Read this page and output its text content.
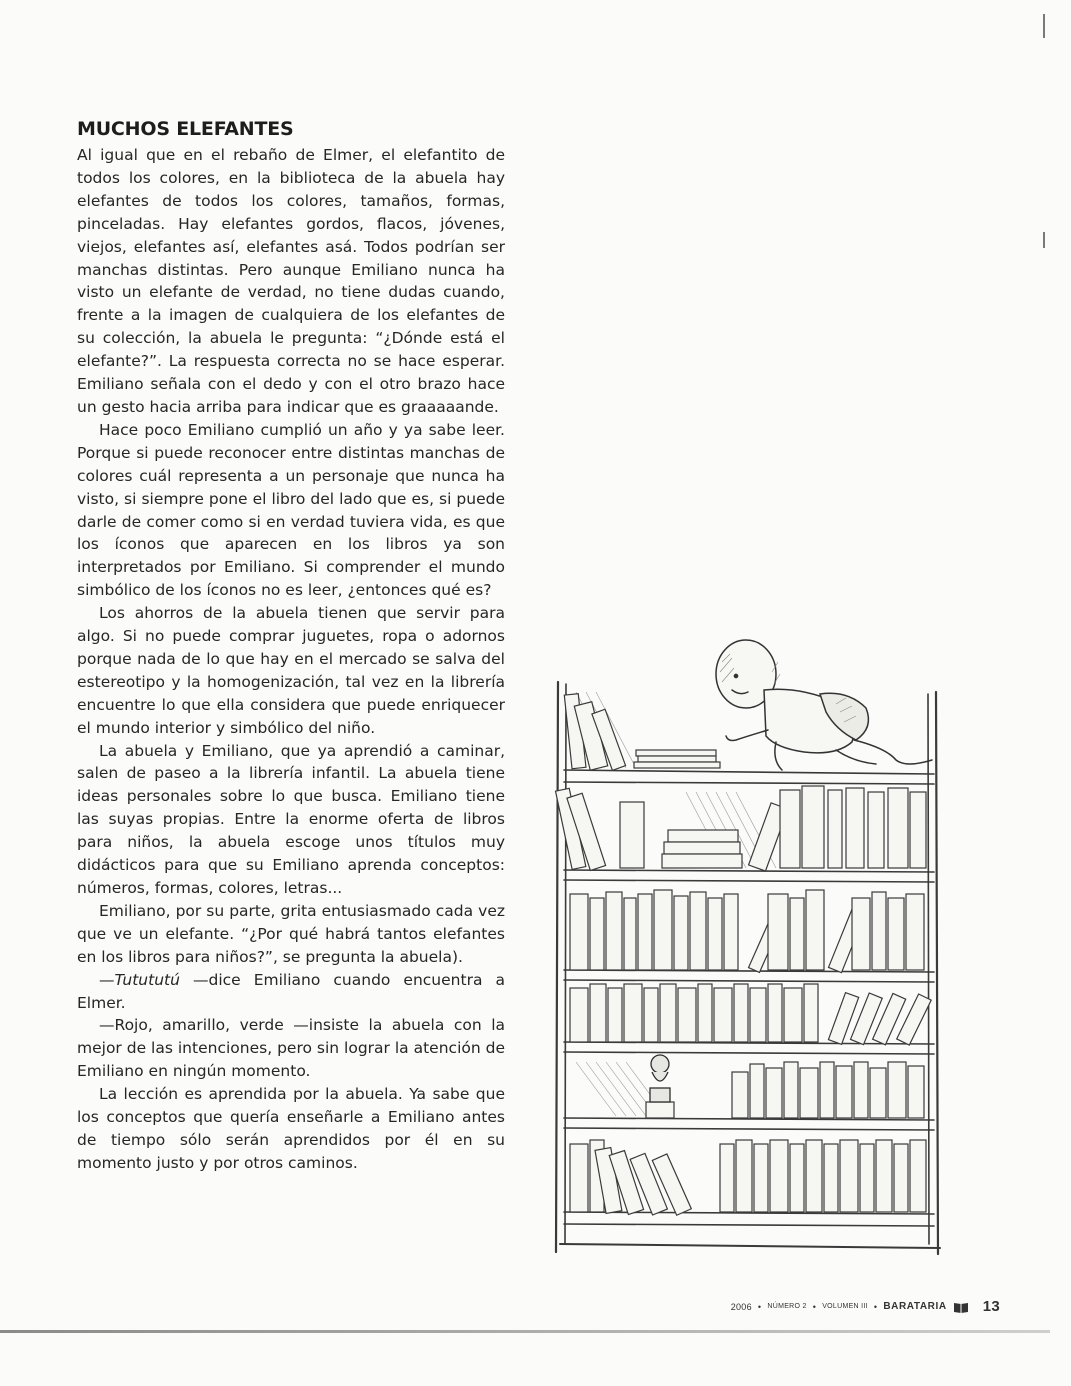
MUCHOS ELEFANTES

Al igual que en el rebaño de Elmer, el elefantito de todos los colores, en la biblioteca de la abuela hay elefantes de todos los colores, tamaños, formas, pinceladas. Hay elefantes gordos, flacos, jóvenes, viejos, elefantes así, elefantes asá. Todos podrían ser manchas distintas. Pero aunque Emiliano nunca ha visto un elefante de verdad, no tiene dudas cuando, frente a la imagen de cualquiera de los elefantes de su colección, la abuela le pregunta: “¿Dónde está el elefante?”. La respuesta correcta no se hace esperar. Emiliano señala con el dedo y con el otro brazo hace un gesto hacia arriba para indicar que es graaaaande.

Hace poco Emiliano cumplió un año y ya sabe leer. Porque si puede reconocer entre distintas manchas de colores cuál representa a un personaje que nunca ha visto, si siempre pone el libro del lado que es, si puede darle de comer como si en verdad tuviera vida, es que los íconos que aparecen en los libros ya son interpretados por Emiliano. Si comprender el mundo simbólico de los íconos no es leer, ¿entonces qué es?

Los ahorros de la abuela tienen que servir para algo. Si no puede comprar juguetes, ropa o adornos porque nada de lo que hay en el mercado se salva del estereotipo y la homogenización, tal vez en la librería encuentre lo que ella considera que puede enriquecer el mundo interior y simbólico del niño.

La abuela y Emiliano, que ya aprendió a caminar, salen de paseo a la librería infantil. La abuela tiene ideas personales sobre lo que busca. Emiliano tiene las suyas propias. Entre la enorme oferta de libros para niños, la abuela escoge unos títulos muy didácticos para que su Emiliano aprenda conceptos: números, formas, colores, letras...

Emiliano, por su parte, grita entusiasmado cada vez que ve un elefante. “¿Por qué habrá tantos elefantes en los libros para niños?”, se pregunta la abuela).

—Tutututú —dice Emiliano cuando encuentra a Elmer.

—Rojo, amarillo, verde —insiste la abuela con la mejor de las intenciones, pero sin lograr la atención de Emiliano en ningún momento.

La lección es aprendida por la abuela. Ya sabe que los conceptos que quería enseñarle a Emiliano antes de tiempo sólo serán aprendidos por él en su momento justo y por otros caminos.

2006 • NÚMERO 2 • VOLUMEN III • BARATARIA 13
